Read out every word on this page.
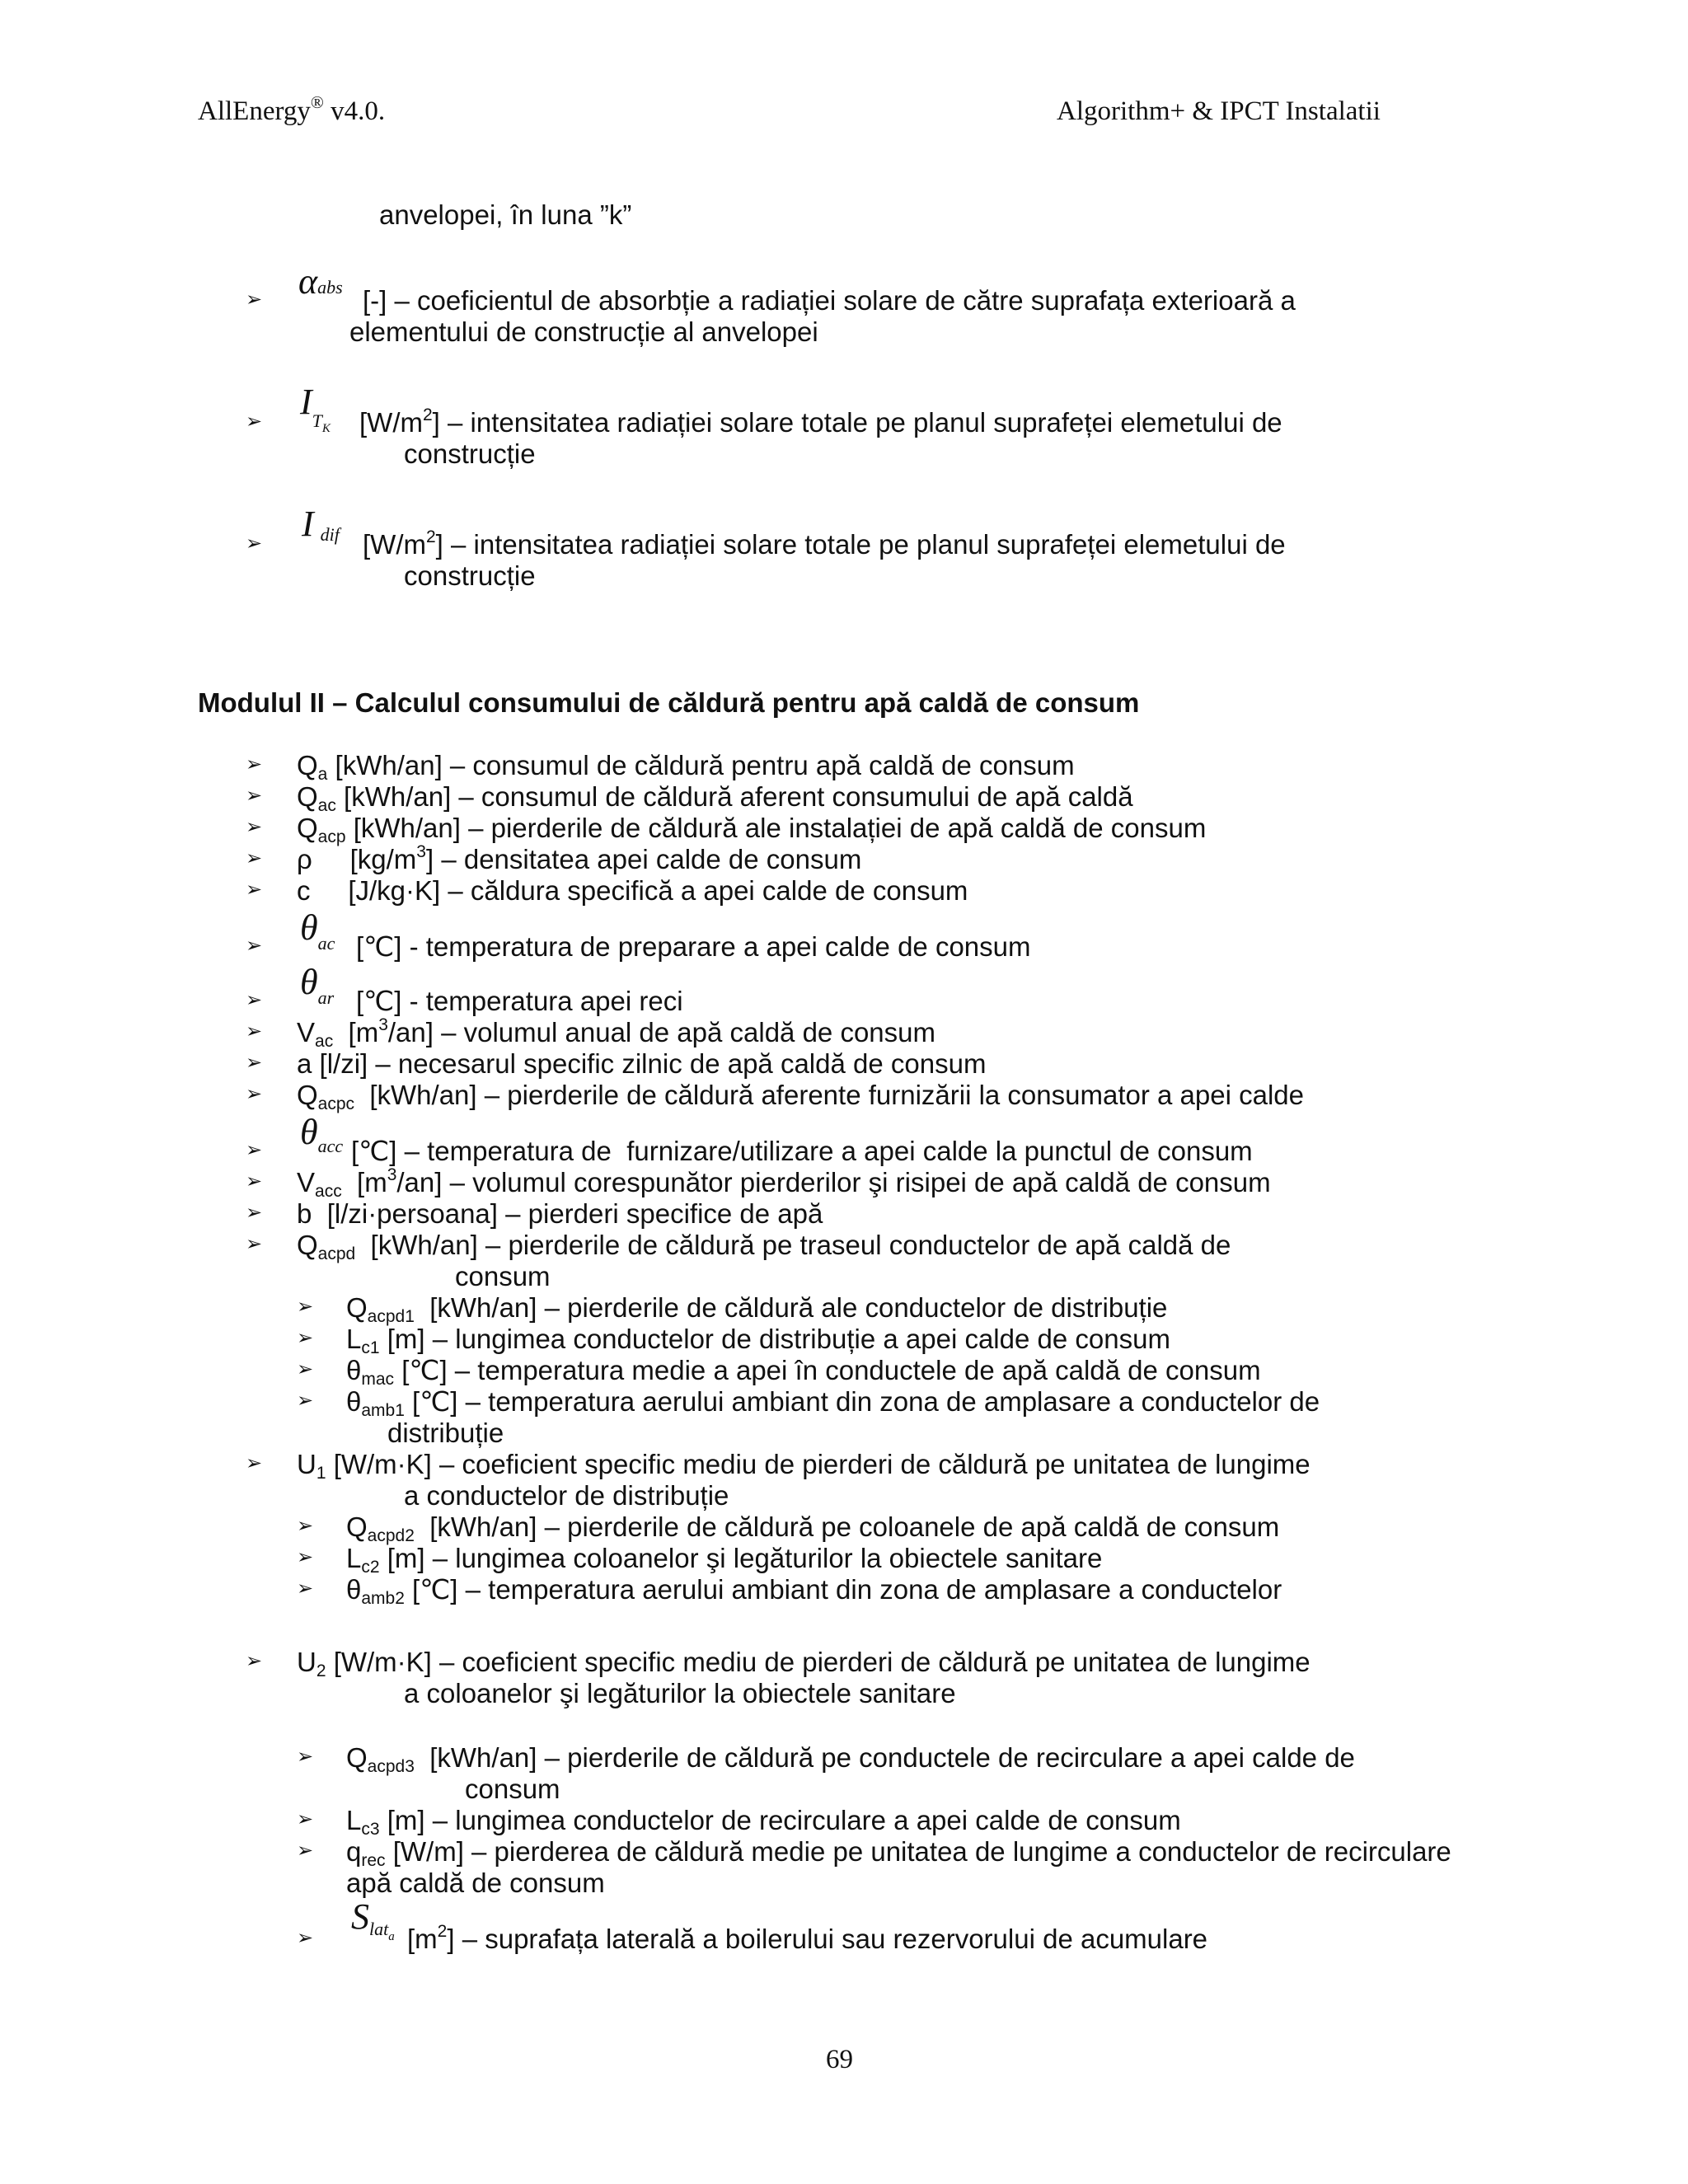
AllEnergy® v4.0.	Algorithm+ & IPCT Instalatii
anvelopei, în luna ”k”
➢ αabs [-] – coeficientul de absorbție a radiației solare de către suprafața exterioară a
elementului de construcție al anvelopei
➢ $I_{TK}$ $[W/m^2]$ – intensitatea radiației solare totale pe planul suprafeței elemetului de
construcție
➢ Idif $[W/m^2]$ – intensitatea radiației solare totale pe planul suprafeței elemetului de
construcție
Modulul II – Calculul consumului de căldură pentru apă caldă de consum
➢ $Q_a$ [kWh/an] – consumul de căldură pentru apă caldă de consum
➢ $Q_{ac}$ [kWh/an] – consumul de căldură aferent consumului de apă caldă
➢ $Q_{acp}$ [kWh/an] – pierderile de căldură ale instalației de apă caldă de consum
➢ ρ     $[kg/m^3]$ – densitatea apei calde de consum
➢ c     [J/kg·K] – căldura specifică a apei calde de consum
➢ $\theta_{ac}$ [℃] - temperatura de preparare a apei calde de consum
➢ $\theta_{ar}$ [℃] - temperatura apei reci
➢ $V_{ac}$  $[m^3/an]$ – volumul anual de apă caldă de consum
➢ a [l/zi] – necesarul specific zilnic de apă caldă de consum
➢ $Q_{acpc}$  [kWh/an] – pierderile de căldură aferente furnizării la consumator a apei calde
➢ $\theta_{acc}$ [℃] – temperatura de  furnizare/utilizare a apei calde la punctul de consum
➢ $V_{acc}$  $[m^3/an]$ – volumul corespunător pierderilor şi risipei de apă caldă de consum
➢ b  [l/zi·persoana] – pierderi specifice de apă
➢ $Q_{acpd}$  [kWh/an] – pierderile de căldură pe traseul conductelor de apă caldă de
consum
➢ $Q_{acpd1}$  [kWh/an] – pierderile de căldură ale conductelor de distribuție
➢ $L_{c1}$ [m] – lungimea conductelor de distribuție a apei calde de consum
➢ $\theta_{mac}$ [℃] – temperatura medie a apei în conductele de apă caldă de consum
➢ $\theta_{amb1}$ [℃] – temperatura aerului ambiant din zona de amplasare a conductelor de
distribuție
➢ $U_1$ [W/m·K] – coeficient specific mediu de pierderi de căldură pe unitatea de lungime
a conductelor de distribuție
➢ $Q_{acpd2}$  [kWh/an] – pierderile de căldură pe coloanele de apă caldă de consum
➢ $L_{c2}$ [m] – lungimea coloanelor şi legăturilor la obiectele sanitare
➢ $\theta_{amb2}$ [℃] – temperatura aerului ambiant din zona de amplasare a conductelor
➢ $U_2$ [W/m·K] – coeficient specific mediu de pierderi de căldură pe unitatea de lungime
a coloanelor şi legăturilor la obiectele sanitare
➢ $Q_{acpd3}$  [kWh/an] – pierderile de căldură pe conductele de recirculare a apei calde de
consum
➢ $L_{c3}$ [m] – lungimea conductelor de recirculare a apei calde de consum
➢ $q_{rec}$ [W/m] – pierderea de căldură medie pe unitatea de lungime a conductelor de recirculare
apă caldă de consum
➢
$S_{lata}$ $[m^2]$ – suprafața laterală a boilerului sau rezervorului de acumulare
69
